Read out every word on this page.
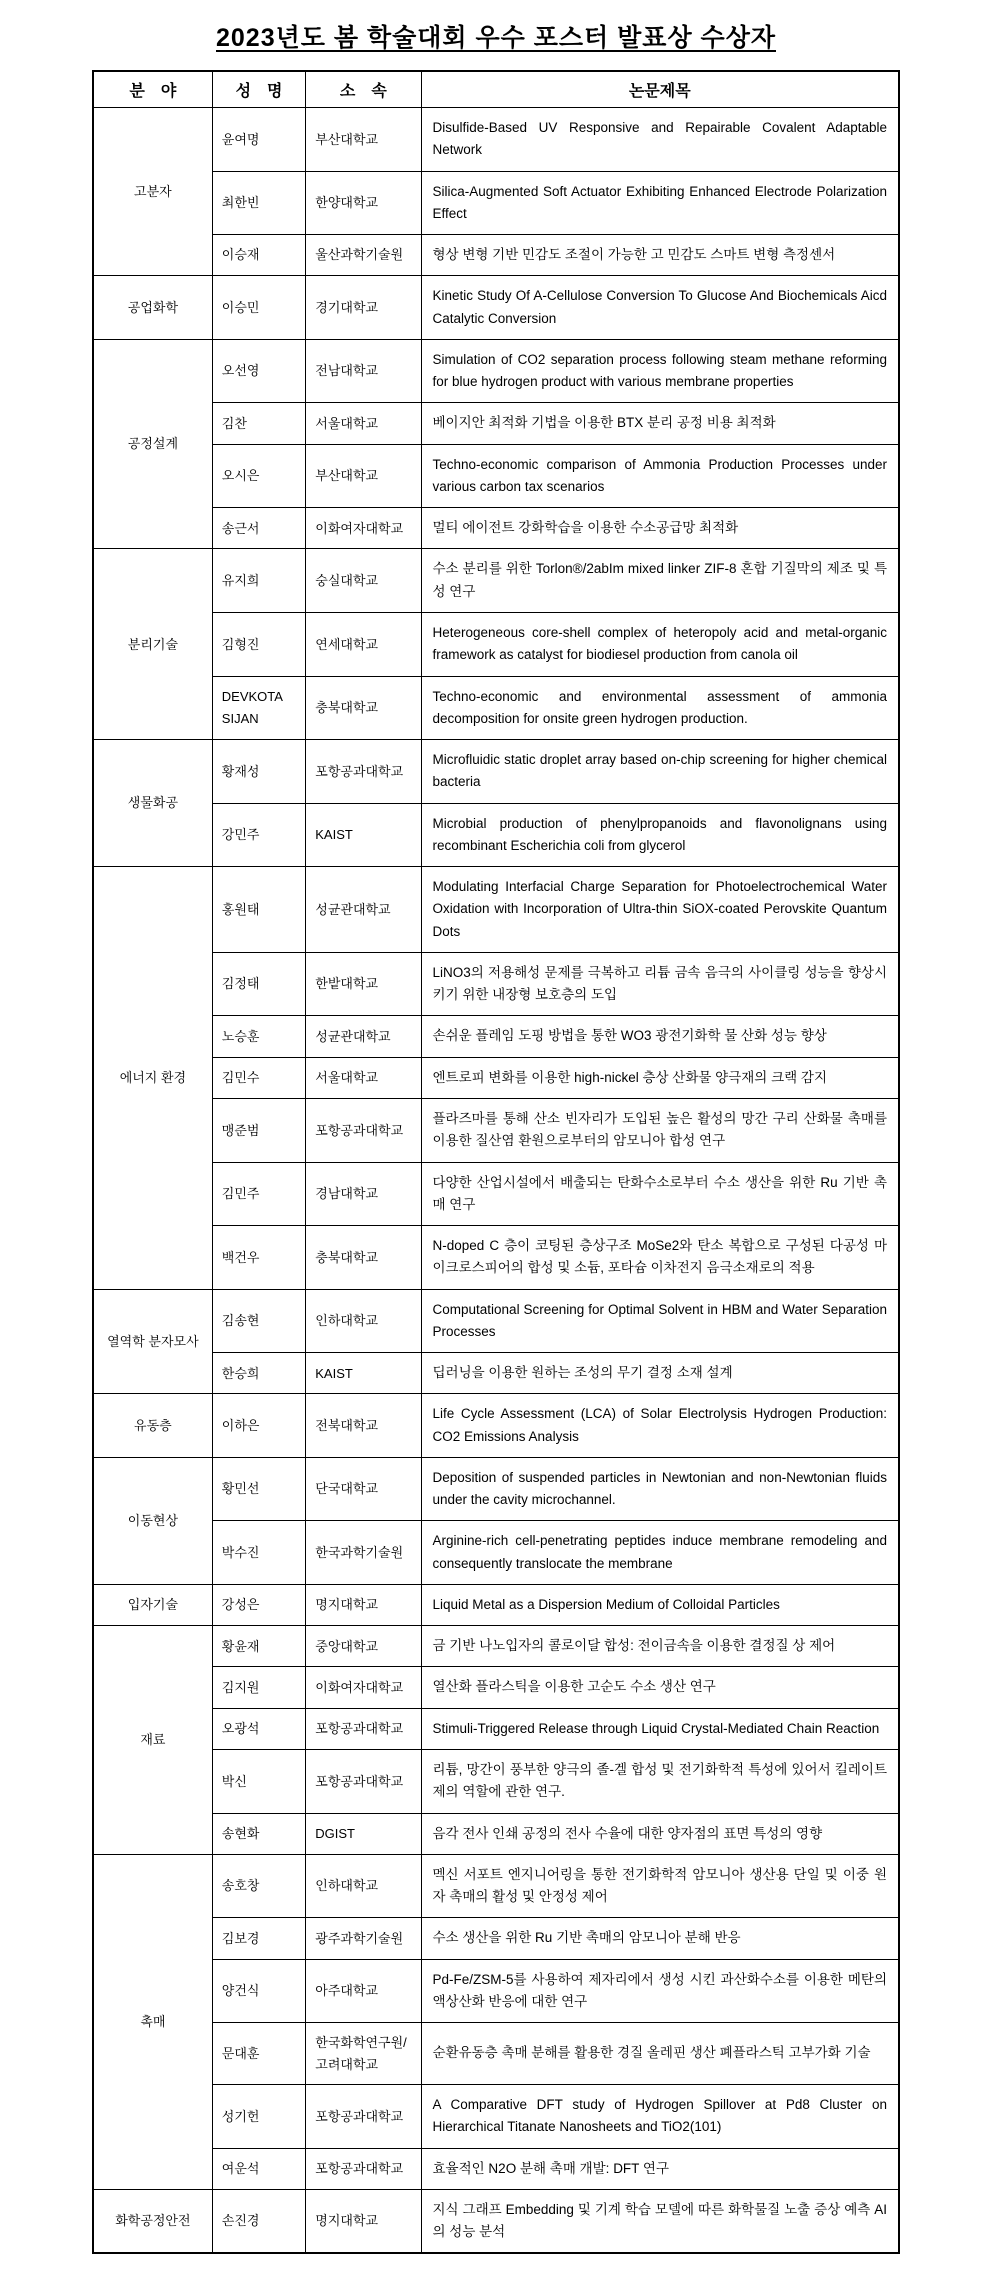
2023년도 봄 학술대회 우수 포스터 발표상 수상자
분　야	성　명	소　속	논문제목
고분자	윤여명	부산대학교	Disulfide-Based UV Responsive and Repairable Covalent Adaptable Network
	최한빈	한양대학교	Silica-Augmented Soft Actuator Exhibiting Enhanced Electrode Polarization Effect
	이승재	울산과학기술원	형상 변형 기반 민감도 조절이 가능한 고 민감도 스마트 변형 측정센서
공업화학	이승민	경기대학교	Kinetic Study Of A-Cellulose Conversion To Glucose And Biochemicals Aicd Catalytic Conversion
공정설계	오선영	전남대학교	Simulation of CO2 separation process following steam methane reforming for blue hydrogen product with various membrane properties
	김찬	서울대학교	베이지안 최적화 기법을 이용한 BTX 분리 공정 비용 최적화
	오시은	부산대학교	Techno-economic comparison of Ammonia Production Processes under various carbon tax scenarios
	송근서	이화여자대학교	멀티 에이전트 강화학습을 이용한 수소공급망 최적화
분리기술	유지희	숭실대학교	수소 분리를 위한 Torlon®/2abIm mixed linker ZIF-8 혼합 기질막의 제조 및 특성 연구
	김형진	연세대학교	Heterogeneous core-shell complex of heteropoly acid and metal-organic framework as catalyst for biodiesel production from canola oil
	DEVKOTA SIJAN	충북대학교	Techno-economic and environmental assessment of ammonia decomposition for onsite green hydrogen production.
생물화공	황재성	포항공과대학교	Microfluidic static droplet array based on-chip screening for higher chemical bacteria
	강민주	KAIST	Microbial production of phenylpropanoids and flavonolignans using recombinant Escherichia coli from glycerol
에너지 환경	홍원태	성균관대학교	Modulating Interfacial Charge Separation for Photoelectrochemical Water Oxidation with Incorporation of Ultra-thin SiOX-coated Perovskite Quantum Dots
	김정태	한밭대학교	LiNO3의 저용해성 문제를 극복하고 리튬 금속 음극의 사이클링 성능을 향상시키기 위한 내장형 보호층의 도입
	노승훈	성균관대학교	손쉬운 플레임 도핑 방법을 통한 WO3 광전기화학 물 산화 성능 향상
	김민수	서울대학교	엔트로피 변화를 이용한 high-nickel 층상 산화물 양극재의 크랙 감지
	맹준범	포항공과대학교	플라즈마를 통해 산소 빈자리가 도입된 높은 활성의 망간 구리 산화물 촉매를 이용한 질산염 환원으로부터의 암모니아 합성 연구
	김민주	경남대학교	다양한 산업시설에서 배출되는 탄화수소로부터 수소 생산을 위한 Ru 기반 촉매 연구
	백건우	충북대학교	N-doped C 층이 코팅된 층상구조 MoSe2와 탄소 복합으로 구성된 다공성 마이크로스피어의 합성 및 소듐, 포타슘 이차전지 음극소재로의 적용
열역학 분자모사	김송현	인하대학교	Computational Screening for Optimal Solvent in HBM and Water Separation Processes
	한승희	KAIST	딥러닝을 이용한 원하는 조성의 무기 결정 소재 설계
유동층	이하은	전북대학교	Life Cycle Assessment (LCA) of Solar Electrolysis Hydrogen Production: CO2 Emissions Analysis
이동현상	황민선	단국대학교	Deposition of suspended particles in Newtonian and non-Newtonian fluids under the cavity microchannel.
	박수진	한국과학기술원	Arginine-rich cell-penetrating peptides induce membrane remodeling and consequently translocate the membrane
입자기술	강성은	명지대학교	Liquid Metal as a Dispersion Medium of Colloidal Particles
재료	황윤재	중앙대학교	금 기반 나노입자의 콜로이달 합성: 전이금속을 이용한 결정질 상 제어
	김지원	이화여자대학교	열산화 플라스틱을 이용한 고순도 수소 생산 연구
	오광석	포항공과대학교	Stimuli-Triggered Release through Liquid Crystal-Mediated Chain Reaction
	박신	포항공과대학교	리튬, 망간이 풍부한 양극의 졸-겔 합성 및 전기화학적 특성에 있어서 킬레이트제의 역할에 관한 연구.
	송현화	DGIST	음각 전사 인쇄 공정의 전사 수율에 대한 양자점의 표면 특성의 영향
촉매	송호창	인하대학교	멕신 서포트 엔지니어링을 통한 전기화학적 암모니아 생산용 단일 및 이중 원자 촉매의 활성 및 안정성 제어
	김보경	광주과학기술원	수소 생산을 위한 Ru 기반 촉매의 암모니아 분해 반응
	양건식	아주대학교	Pd-Fe/ZSM-5를 사용하여 제자리에서 생성 시킨 과산화수소를 이용한 메탄의 액상산화 반응에 대한 연구
	문대훈	한국화학연구원/고려대학교	순환유동층 촉매 분해를 활용한 경질 올레핀 생산 폐플라스틱 고부가화 기술
	성기헌	포항공과대학교	A Comparative DFT study of Hydrogen Spillover at Pd8 Cluster on Hierarchical Titanate Nanosheets and TiO2(101)
	여운석	포항공과대학교	효율적인 N2O 분해 촉매 개발: DFT 연구
화학공정안전	손진경	명지대학교	지식 그래프 Embedding 및 기계 학습 모델에 따른 화학물질 노출 증상 예측 AI의 성능 분석
